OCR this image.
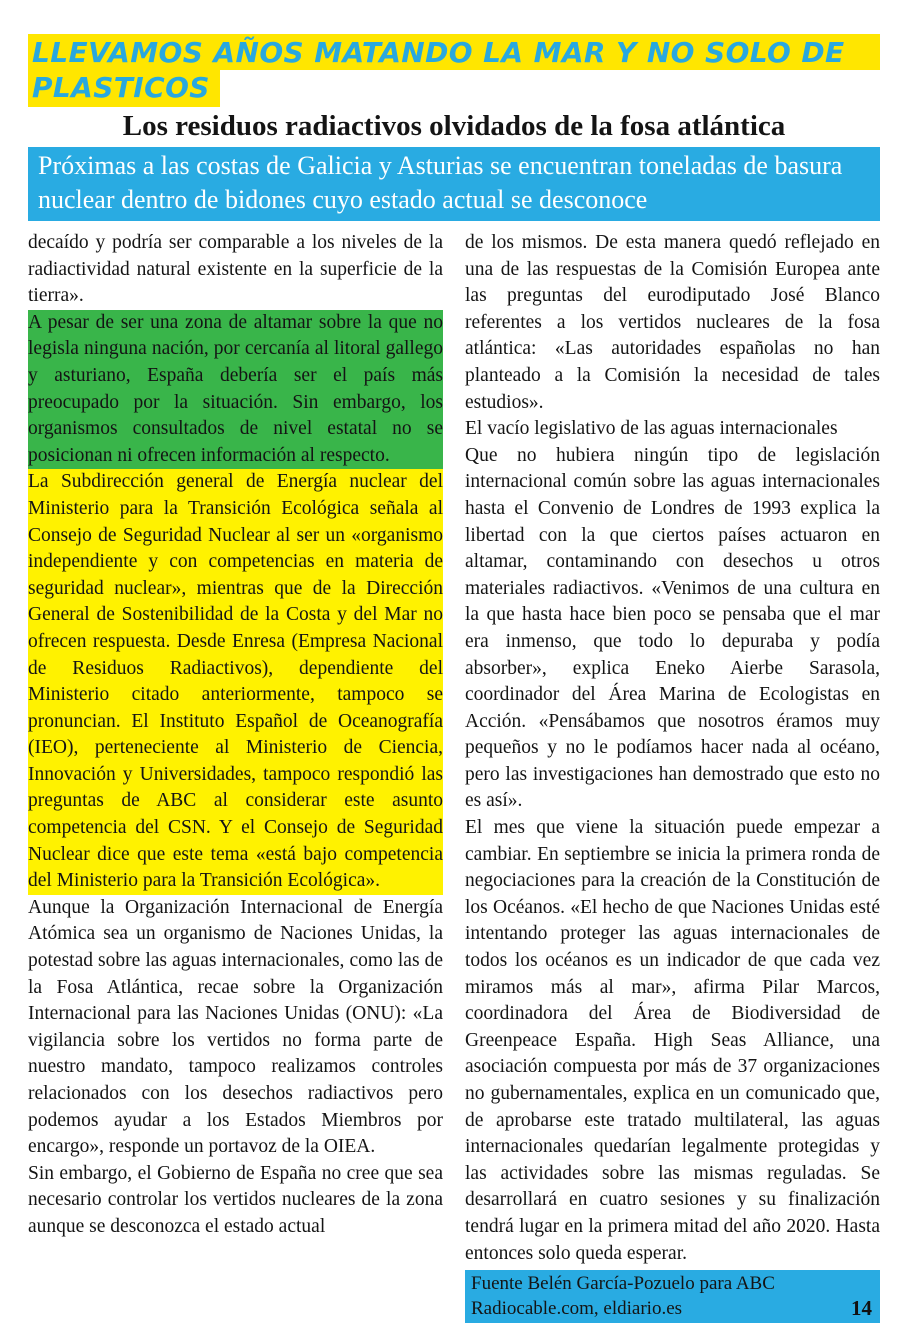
LLEVAMOS AÑOS MATANDO LA MAR Y NO SOLO DE
PLASTICOS
Los residuos radiactivos olvidados de la fosa atlántica
Próximas a las costas de Galicia y Asturias se encuentran toneladas de basura nuclear dentro de bidones cuyo estado actual se desconoce

decaído y podría ser comparable a los niveles de la radiactividad natural existente en la superficie de la tierra».

A pesar de ser una zona de altamar sobre la que no legisla ninguna nación, por cercanía al litoral gallego y asturiano, España debería ser el país más preocupado por la situación. Sin embargo, los organismos consultados de nivel estatal no se posicionan ni ofrecen información al respecto.

La Subdirección general de Energía nuclear del Ministerio para la Transición Ecológica señala al Consejo de Seguridad Nuclear al ser un «organismo independiente y con competencias en materia de seguridad nuclear», mientras que de la Dirección General de Sostenibilidad de la Costa y del Mar no ofrecen respuesta. Desde Enresa (Empresa Nacional de Residuos Radiactivos), dependiente del Ministerio citado anteriormente, tampoco se pronuncian. El Instituto Español de Oceanografía (IEO), perteneciente al Ministerio de Ciencia, Innovación y Universidades, tampoco respondió las preguntas de ABC al considerar este asunto competencia del CSN. Y el Consejo de Seguridad Nuclear dice que este tema «está bajo competencia del Ministerio para la Transición Ecológica».

Aunque la Organización Internacional de Energía Atómica sea un organismo de Naciones Unidas, la potestad sobre las aguas internacionales, como las de la Fosa Atlántica, recae sobre la Organización Internacional para las Naciones Unidas (ONU): «La vigilancia sobre los vertidos no forma parte de nuestro mandato, tampoco realizamos controles relacionados con los desechos radiactivos pero podemos ayudar a los Estados Miembros por encargo», responde un portavoz de la OIEA.

Sin embargo, el Gobierno de España no cree que sea necesario controlar los vertidos nucleares de la zona aunque se desconozca el estado actual

de los mismos. De esta manera quedó reflejado en una de las respuestas de la Comisión Europea ante las preguntas del eurodiputado José Blanco referentes a los vertidos nucleares de la fosa atlántica: «Las autoridades españolas no han planteado a la Comisión la necesidad de tales estudios».

El vacío legislativo de las aguas internacionales

Que no hubiera ningún tipo de legislación internacional común sobre las aguas internacionales hasta el Convenio de Londres de 1993 explica la libertad con la que ciertos países actuaron en altamar, contaminando con desechos u otros materiales radiactivos. «Venimos de una cultura en la que hasta hace bien poco se pensaba que el mar era inmenso, que todo lo depuraba y podía absorber», explica Eneko Aierbe Sarasola, coordinador del Área Marina de Ecologistas en Acción. «Pensábamos que nosotros éramos muy pequeños y no le podíamos hacer nada al océano, pero las investigaciones han demostrado que esto no es así».

El mes que viene la situación puede empezar a cambiar. En septiembre se inicia la primera ronda de negociaciones para la creación de la Constitución de los Océanos. «El hecho de que Naciones Unidas esté intentando proteger las aguas internacionales de todos los océanos es un indicador de que cada vez miramos más al mar», afirma Pilar Marcos, coordinadora del Área de Biodiversidad de Greenpeace España. High Seas Alliance, una asociación compuesta por más de 37 organizaciones no gubernamentales, explica en un comunicado que, de aprobarse este tratado multilateral, las aguas internacionales quedarían legalmente protegidas y las actividades sobre las mismas reguladas. Se desarrollará en cuatro sesiones y su finalización tendrá lugar en la primera mitad del año 2020. Hasta entonces solo queda esperar.

Fuente Belén García-Pozuelo para ABC
Radiocable.com, eldiario.es	14
